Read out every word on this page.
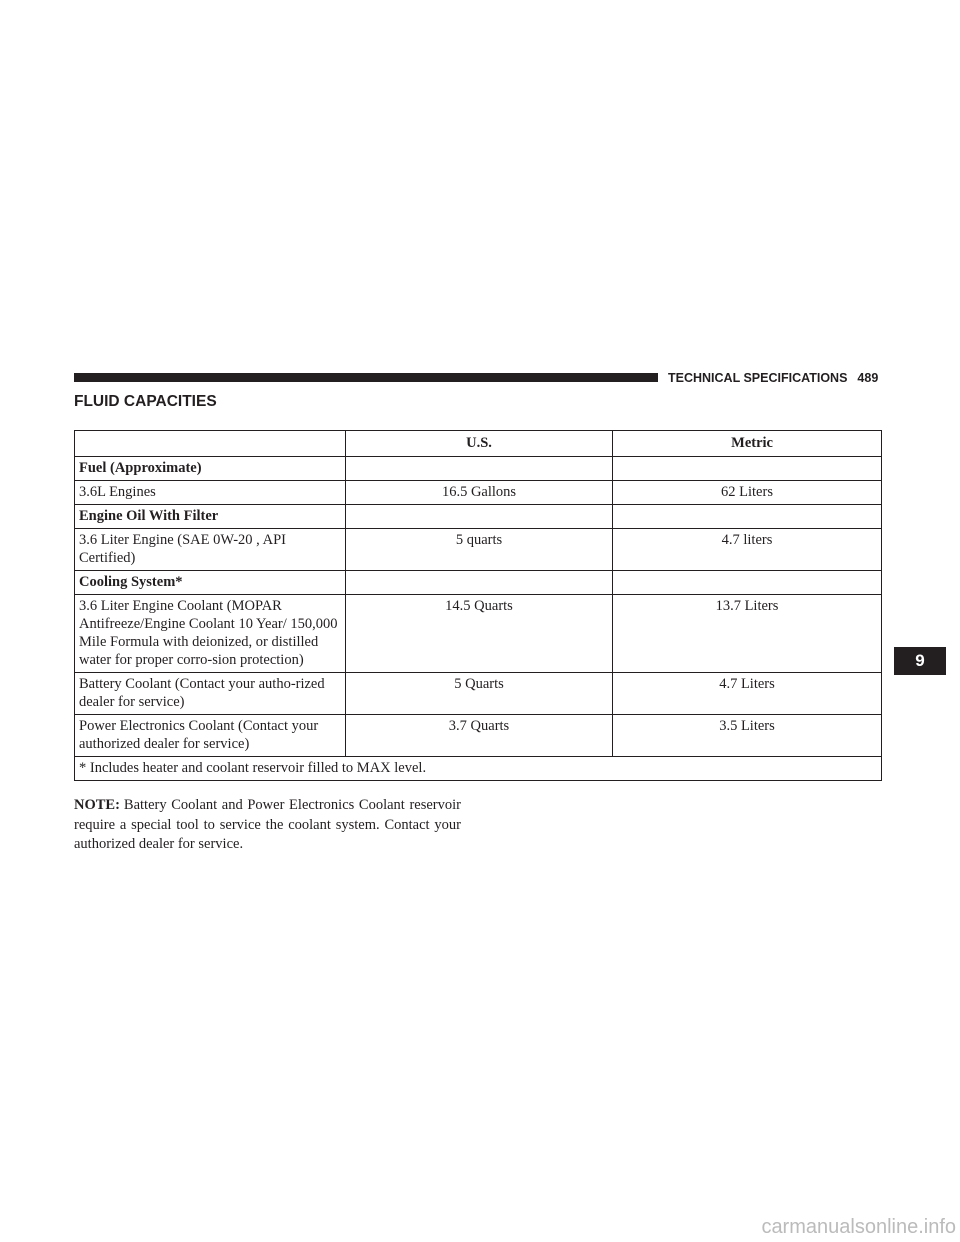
TECHNICAL SPECIFICATIONS 489
FLUID CAPACITIES
	U.S.	Metric
Fuel (Approximate)		
3.6L Engines	16.5 Gallons	62 Liters
Engine Oil With Filter		
3.6 Liter Engine (SAE 0W-20 , API Certified)	5 quarts	4.7 liters
Cooling System*		
3.6 Liter Engine Coolant (MOPAR Antifreeze/Engine Coolant 10 Year/ 150,000 Mile Formula with deionized, or distilled water for proper corro-sion protection)	14.5 Quarts	13.7 Liters
Battery Coolant (Contact your autho-rized dealer for service)	5 Quarts	4.7 Liters
Power Electronics Coolant (Contact your authorized dealer for service)	3.7 Quarts	3.5 Liters
* Includes heater and coolant reservoir filled to MAX level.		
NOTE: Battery Coolant and Power Electronics Coolant reservoir require a special tool to service the coolant system. Contact your authorized dealer for service.
9
carmanualsonline.info
